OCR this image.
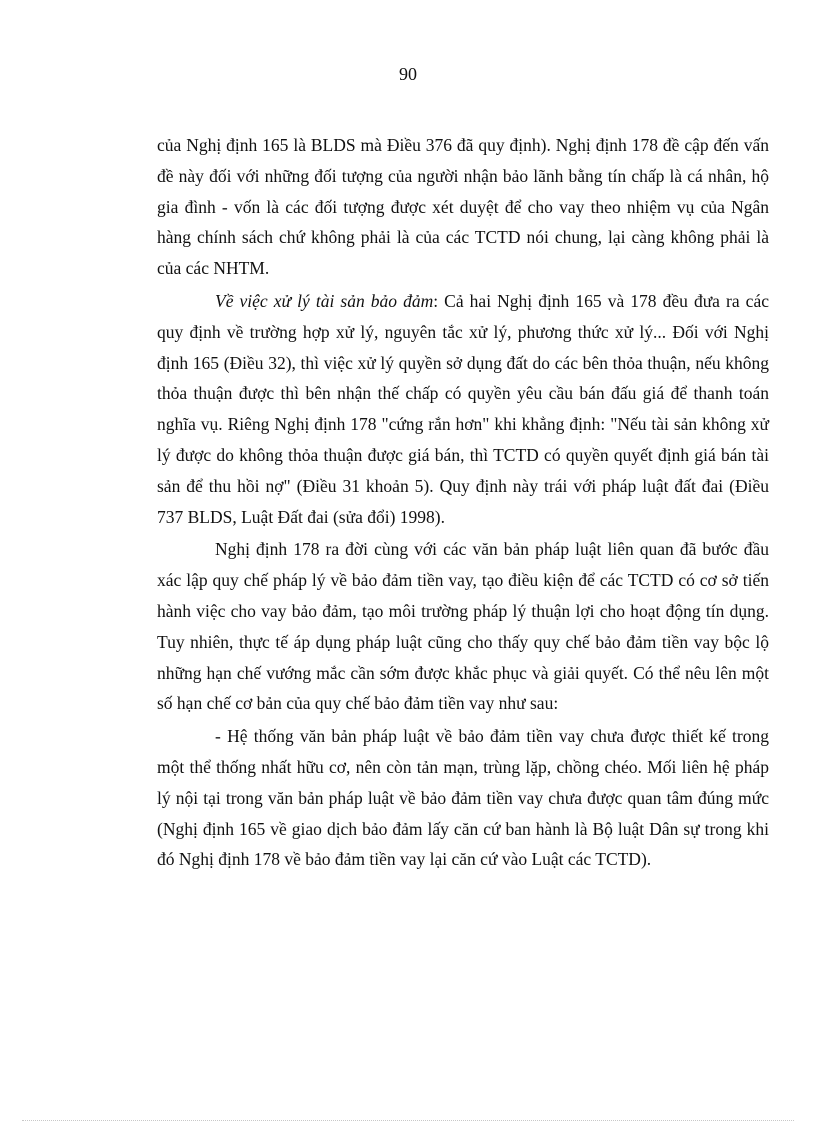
90

của Nghị định 165 là BLDS mà Điều 376 đã quy định). Nghị định 178 đề cập đến vấn đề này đối với những đối tượng của người nhận bảo lãnh bằng tín chấp là cá nhân, hộ gia đình - vốn là các đối tượng được xét duyệt để cho vay theo nhiệm vụ của Ngân hàng chính sách chứ không phải là của các TCTD nói chung, lại càng không phải là của các NHTM.

Về việc xử lý tài sản bảo đảm: Cả hai Nghị định 165 và 178 đều đưa ra các quy định về trường hợp xử lý, nguyên tắc xử lý, phương thức xử lý... Đối với Nghị định 165 (Điều 32), thì việc xử lý quyền sở dụng đất do các bên thỏa thuận, nếu không thỏa thuận được thì bên nhận thế chấp có quyền yêu cầu bán đấu giá để thanh toán nghĩa vụ. Riêng Nghị định 178 "cứng rắn hơn" khi khẳng định: "Nếu tài sản không xử lý được do không thỏa thuận được giá bán, thì TCTD có quyền quyết định giá bán tài sản để thu hồi nợ" (Điều 31 khoản 5). Quy định này trái với pháp luật đất đai (Điều 737 BLDS, Luật Đất đai (sửa đổi) 1998).

Nghị định 178 ra đời cùng với các văn bản pháp luật liên quan đã bước đầu xác lập quy chế pháp lý về bảo đảm tiền vay, tạo điều kiện để các TCTD có cơ sở tiến hành việc cho vay bảo đảm, tạo môi trường pháp lý thuận lợi cho hoạt động tín dụng. Tuy nhiên, thực tế áp dụng pháp luật cũng cho thấy quy chế bảo đảm tiền vay bộc lộ những hạn chế vướng mắc cần sớm được khắc phục và giải quyết. Có thể nêu lên một số hạn chế cơ bản của quy chế bảo đảm tiền vay như sau:

- Hệ thống văn bản pháp luật về bảo đảm tiền vay chưa được thiết kế trong một thể thống nhất hữu cơ, nên còn tản mạn, trùng lặp, chồng chéo. Mối liên hệ pháp lý nội tại trong văn bản pháp luật về bảo đảm tiền vay chưa được quan tâm đúng mức (Nghị định 165 về giao dịch bảo đảm lấy căn cứ ban hành là Bộ luật Dân sự trong khi đó Nghị định 178 về bảo đảm tiền vay lại căn cứ vào Luật các TCTD).
